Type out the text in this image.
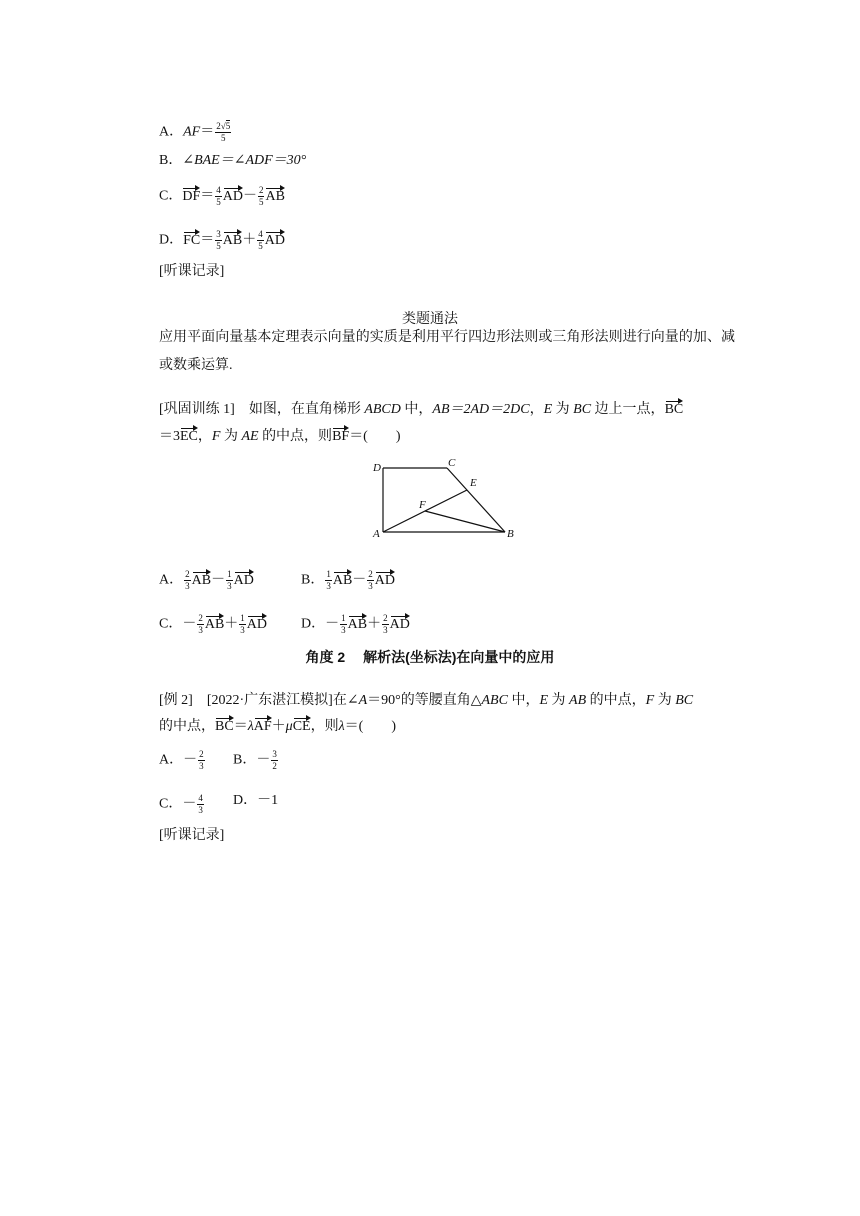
A．$AF= \frac{2√5}{5}$
B．∠BAE＝∠ADF＝30°
C．$DF= \frac{4}{5} AD- \frac{2}{5}$ AB
D．$FC= \frac{3}{5} AB+ \frac{4}{5}$ AD
[听课记录]
类题通法
应用平面向量基本定理表示向量的实质是利用平行四边形法则或三角形法则进行向量的加、减或数乘运算.
[巩固训练 1]　 如图，在直角梯形 ABCD 中，AB＝2AD＝2DC，E 为 BC 边上一点，BC
＝3EC，F 为 AE 的中点，则BF＝(　　)
D	C
E
F
A	B
A． $\frac{2}{3} AB- \frac{1}{3}$ AD	B． $\frac{1}{3} AB- \frac{2}{3}$ AD
C．－ $\frac{2}{3} AB+ \frac{1}{3}$ AD D．－ $\frac{1}{3} AB+ \frac{2}{3}$ AD
角度 2　 解析法(坐标法)在向量中的应用
[例 2]　 [2022·广东湛江模拟]在∠A＝90°的等腰直角△ABC 中，E 为 AB 的中点，F 为 BC
的中点，BC＝λAF＋μCE，则λ＝(　　)
A．－ $\frac{2}{3}$ B．－ $\frac{3}{2}$
C．－ $\frac{4}{3}$ D．－1
[听课记录]
